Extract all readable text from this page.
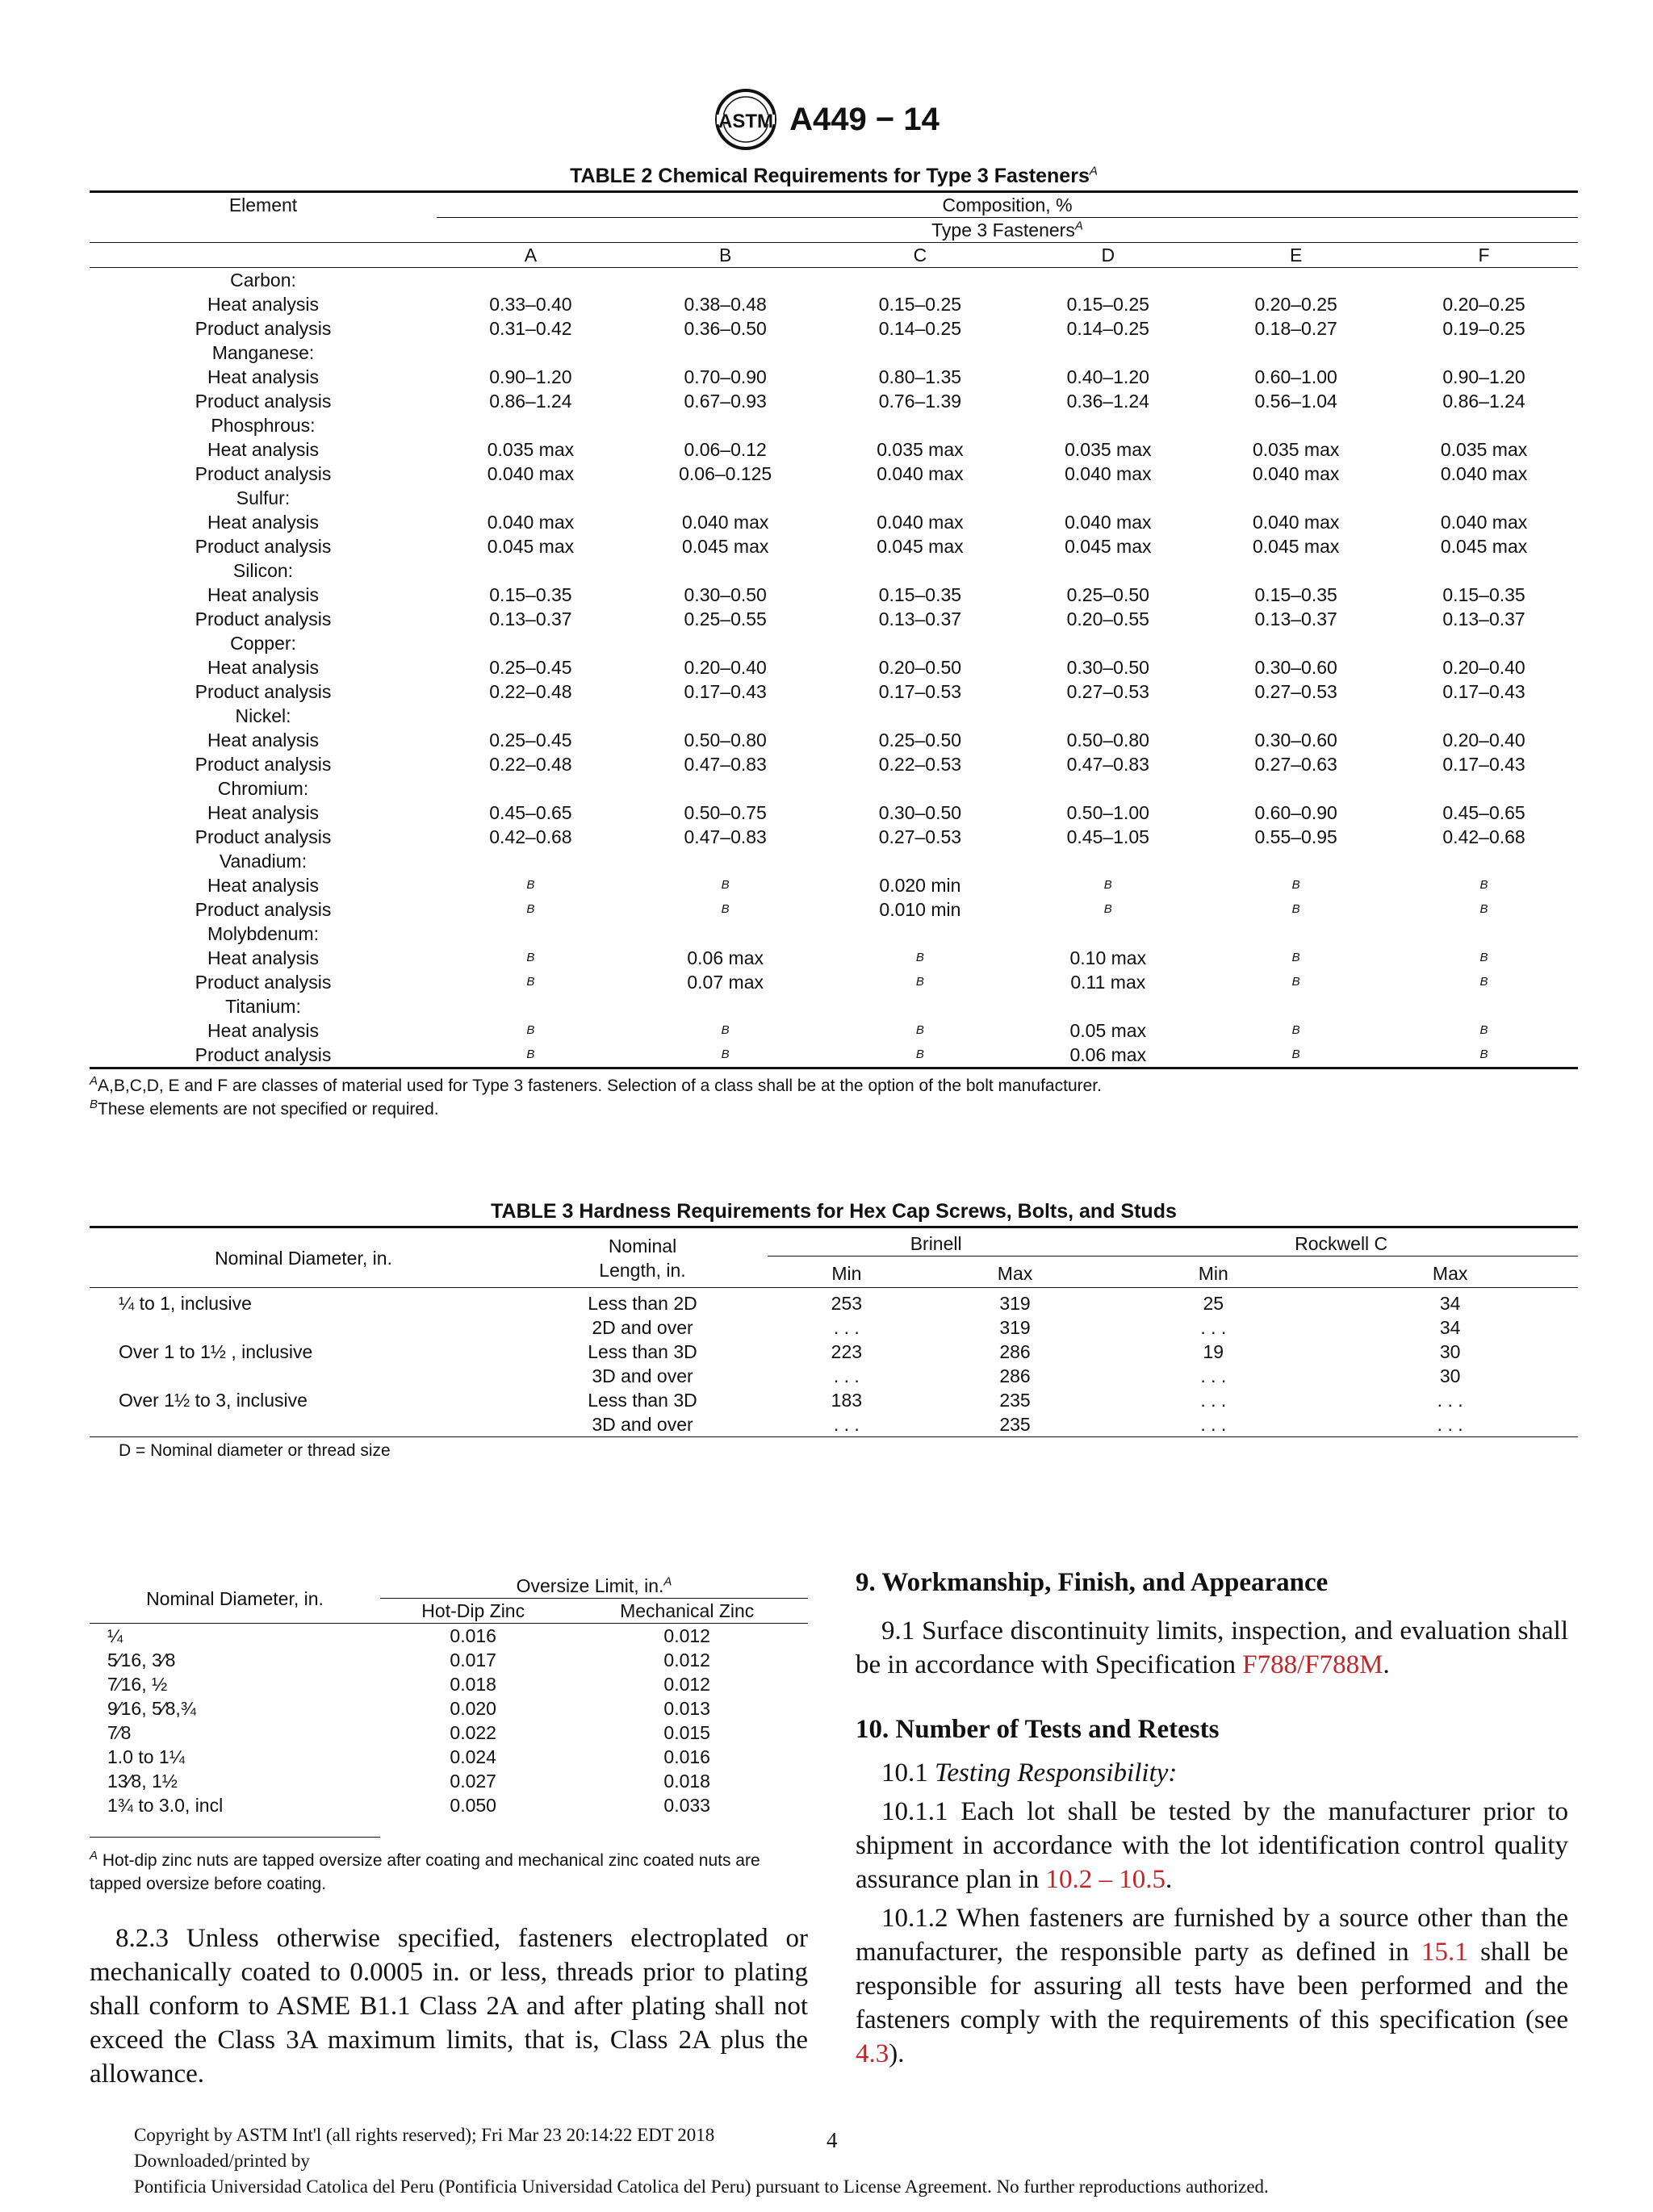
ASTM A449 − 14
TABLE 2 Chemical Requirements for Type 3 Fasteners$^A$
Element	Composition, %					
	Type 3 Fasteners$^A$
	A	B	C	D	E	F
Carbon:						
Heat analysis	0.33–0.40	0.38–0.48	0.15–0.25	0.15–0.25	0.20–0.25	0.20–0.25
Product analysis	0.31–0.42	0.36–0.50	0.14–0.25	0.14–0.25	0.18–0.27	0.19–0.25
Manganese:						
Heat analysis	0.90–1.20	0.70–0.90	0.80–1.35	0.40–1.20	0.60–1.00	0.90–1.20
Product analysis	0.86–1.24	0.67–0.93	0.76–1.39	0.36–1.24	0.56–1.04	0.86–1.24
Phosphrous:						
Heat analysis	0.035 max	0.06–0.12	0.035 max	0.035 max	0.035 max	0.035 max
Product analysis	0.040 max	0.06–0.125	0.040 max	0.040 max	0.040 max	0.040 max
Sulfur:						
Heat analysis	0.040 max	0.040 max	0.040 max	0.040 max	0.040 max	0.040 max
Product analysis	0.045 max	0.045 max	0.045 max	0.045 max	0.045 max	0.045 max
Silicon:						
Heat analysis	0.15–0.35	0.30–0.50	0.15–0.35	0.25–0.50	0.15–0.35	0.15–0.35
Product analysis	0.13–0.37	0.25–0.55	0.13–0.37	0.20–0.55	0.13–0.37	0.13–0.37
Copper:						
Heat analysis	0.25–0.45	0.20–0.40	0.20–0.50	0.30–0.50	0.30–0.60	0.20–0.40
Product analysis	0.22–0.48	0.17–0.43	0.17–0.53	0.27–0.53	0.27–0.53	0.17–0.43
Nickel:						
Heat analysis	0.25–0.45	0.50–0.80	0.25–0.50	0.50–0.80	0.30–0.60	0.20–0.40
Product analysis	0.22–0.48	0.47–0.83	0.22–0.53	0.47–0.83	0.27–0.63	0.17–0.43
Chromium:						
Heat analysis	0.45–0.65	0.50–0.75	0.30–0.50	0.50–1.00	0.60–0.90	0.45–0.65
Product analysis	0.42–0.68	0.47–0.83	0.27–0.53	0.45–1.05	0.55–0.95	0.42–0.68
Vanadium:						
Heat analysis	$^B$	$^B$	0.020 min	$^B$	$^B$	$^B$
Product analysis	$^B$	$^B$	0.010 min	$^B$	$^B$	$^B$
Molybdenum:						
Heat analysis	$^B$	0.06 max	$^B$	0.10 max	$^B$	$^B$
Product analysis	$^B$	0.07 max	$^B$	0.11 max	$^B$	$^B$
Titanium:						
Heat analysis	$^B$	$^B$	$^B$	0.05 max	$^B$	$^B$
Product analysis	$^B$	$^B$	$^B$	0.06 max	$^B$	$^B$
$^A$A,B,C,D, E and F are classes of material used for Type 3 fasteners. Selection of a class shall be at the option of the bolt manufacturer.
$^B$These elements are not specified or required.
TABLE 3 Hardness Requirements for Hex Cap Screws, Bolts, and Studs
Nominal Diameter, in.	Nominal
Length, in.	Brinell		Rockwell C	
		Min	Max	Min	Max
¼ to 1, inclusive	Less than 2D	253	319	25	34
	2D and over	. . .	319	. . .	34
Over 1 to 1½ , inclusive	Less than 3D	223	286	19	30
	3D and over	. . .	286	. . .	30
Over 1½ to 3, inclusive	Less than 3D	183	235	. . .	. . .
	3D and over	. . .	235	. . .	. . .
D = Nominal diameter or thread size
Nominal Diameter, in.	Oversize Limit, in.$^A$
	Hot-Dip Zinc	Mechanical Zinc
¼	0.016	0.012
5⁄16, 3⁄8	0.017	0.012
7⁄16, ½	0.018	0.012
9⁄16, 5⁄8,¾	0.020	0.013
7⁄8	0.022	0.015
1.0 to 1¼	0.024	0.016
13⁄8, 1½	0.027	0.018
1¾ to 3.0, incl	0.050	0.033
$^A$ Hot-dip zinc nuts are tapped oversize after coating and mechanical zinc coated nuts are tapped oversize before coating.
8.2.3 Unless otherwise specified, fasteners electroplated or mechanically coated to 0.0005 in. or less, threads prior to plating shall conform to ASME B1.1 Class 2A and after plating shall not exceed the Class 3A maximum limits, that is, Class 2A plus the allowance.
9. Workmanship, Finish, and Appearance
9.1 Surface discontinuity limits, inspection, and evaluation shall be in accordance with Specification F788/F788M.
10. Number of Tests and Retests
10.1 Testing Responsibility:
10.1.1 Each lot shall be tested by the manufacturer prior to shipment in accordance with the lot identification control quality assurance plan in 10.2 – 10.5.
10.1.2 When fasteners are furnished by a source other than the manufacturer, the responsible party as defined in 15.1 shall be responsible for assuring all tests have been performed and the fasteners comply with the requirements of this specification (see 4.3).
Copyright by ASTM Int'l (all rights reserved); Fri Mar 23 20:14:22 EDT 2018	4
Downloaded/printed by
Pontificia Universidad Catolica del Peru (Pontificia Universidad Catolica del Peru) pursuant to License Agreement. No further reproductions authorized.
